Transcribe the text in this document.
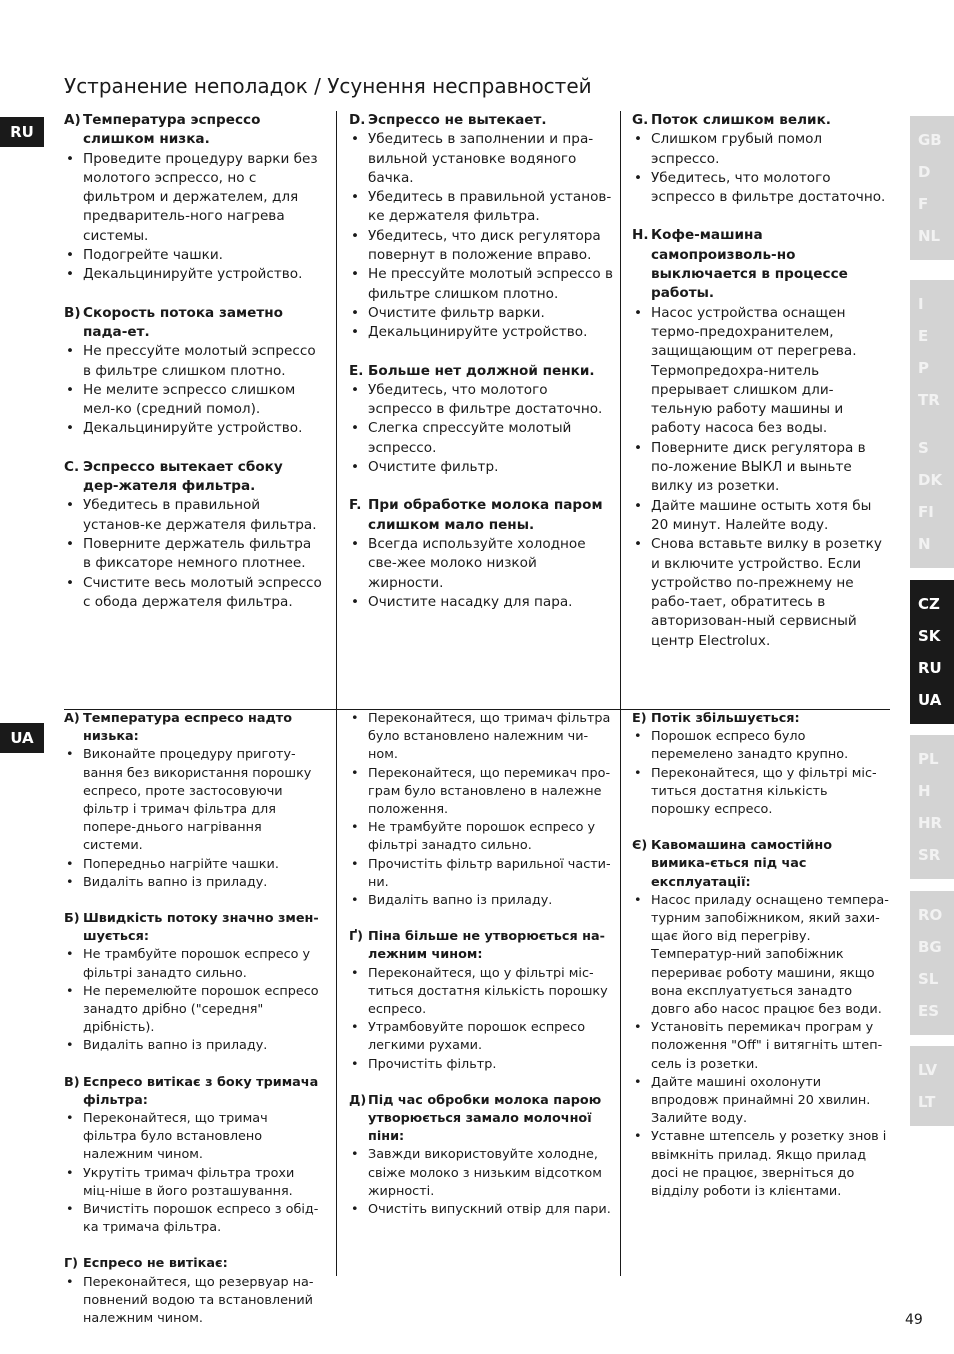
Устранение неполадок / Усунення несправностей
RU
UA
A) Температура эспрессо слишком низка.
• Проведите процедуру варки без молотого эспрессо, но с фильтром и держателем, для предваритель-ного нагрева системы.
• Подогрейте чашки.
• Декальцинируйте устройство.
B) Скорость потока заметно пада-ет.
• Не прессуйте молотый эспрессо в фильтре слишком плотно.
• Не мелите эспрессо слишком мел-ко (средний помол).
• Декальцинируйте устройство.
C. Эспрессо вытекает сбоку дер-жателя фильтра.
• Убедитесь в правильной установ-ке держателя фильтра.
• Поверните держатель фильтра в фиксаторе немного плотнее.
• Счистите весь молотый эспрессо с обода держателя фильтра.
D. Эспрессо не вытекает.
• Убедитесь в заполнении и пра-вильной установке водяного бачка.
• Убедитесь в правильной установ-ке держателя фильтра.
• Убедитесь, что диск регулятора повернут в положение вправо.
• Не прессуйте молотый эспрессо в фильтре слишком плотно.
• Очистите фильтр варки.
• Декальцинируйте устройство.
E. Больше нет должной пенки.
• Убедитесь, что молотого эспрессо в фильтре достаточно.
• Слегка спрессуйте молотый эспрессо.
• Очистите фильтр.
F. При обработке молока паром слишком мало пены.
• Всегда используйте холодное све-жее молоко низкой жирности.
• Очистите насадку для пара.
G. Поток слишком велик.
• Слишком грубый помол эспрессо.
• Убедитесь, что молотого эспрессо в фильтре достаточно.
H. Кофе-машина самопроизволь-но выключается в процессе работы.
• Насос устройства оснащен термо-предохранителем, защищающим от перегрева. Термопредохра-нитель прерывает слишком дли-тельную работу машины и работу насоса без воды.
• Поверните диск регулятора в по-ложение ВЫКЛ и выньте вилку из розетки.
• Дайте машине остыть хотя бы 20 минут. Налейте воду.
• Снова вставьте вилку в розетку и включите устройство. Если устройство по-прежнему не рабо-тает, обратитесь в авторизован-ный сервисный центр Electrolux.
A) Температура еспресо надто низька:
• Виконайте процедуру приготу-вання без використання порошку еспресо, проте застосовуючи фільтр і тримач фільтра для попере-днього нагрівання системи.
• Попередньо нагрійте чашки.
• Видаліть вапно із приладу.
Б) Швидкість потоку значно змен-шується:
• Не трамбуйте порошок еспресо у фільтрі занадто сильно.
• Не перемелюйте порошок еспресо занадто дрібно ("середня" дрібність).
• Видаліть вапно із приладу.
В) Еспресо витікає з боку тримача фільтра:
• Переконайтеся, що тримач фільтра було встановлено належним чином.
• Укрутіть тримач фільтра трохи міц-ніше в його розташування.
• Вичистіть порошок еспресо з обід-ка тримача фільтра.
Г) Еспресо не витікає:
• Переконайтеся, що резервуар на-повнений водою та встановлений належним чином.
• Переконайтеся, що тримач фільтра було встановлено належним чи-ном.
• Переконайтеся, що перемикач про-грам було встановлено в належне положення.
• Не трамбуйте порошок еспресо у фільтрі занадто сильно.
• Прочистіть фільтр варильної части-ни.
• Видаліть вапно із приладу.
Ґ) Піна більше не утворюється на-лежним чином:
• Переконайтеся, що у фільтрі міс-титься достатня кількість порошку еспресо.
• Утрамбовуйте порошок еспресо легкими рухами.
• Прочистіть фільтр.
Д) Під час обробки молока парою утворюється замало молочної піни:
• Завжди використовуйте холодне, свіже молоко з низьким відсотком жирності.
• Очистіть випускний отвір для пари.
E) Потік збільшується:
• Порошок еспресо було перемелено занадто крупно.
• Переконайтеся, що у фільтрі міс-титься достатня кількість порошку еспресо.
Є) Кавомашина самостійно вимика-ється під час експлуатації:
• Насос приладу оснащено темпера-турним запобіжником, який захи-щає його від перегріву. Температур-ний запобіжник перериває роботу машини, якщо вона експлуатується занадто довго або насос працює без води.
• Установіть перемикач програм у положення "Off" і витягніть штеп-сель із розетки.
• Дайте машині охолонути впродовж принаймні 20 хвилин. Залийте воду.
• Уставне штепсель у розетку знов і ввімкніть прилад. Якщо прилад досі не працює, зверніться до відділу роботи із клієнтами.
GB
D
F
NL
I
E
P
TR
S
DK
FI
N
CZ
SK
RU
UA
PL
H
HR
SR
RO
BG
SL
ES
LV
LT
49
